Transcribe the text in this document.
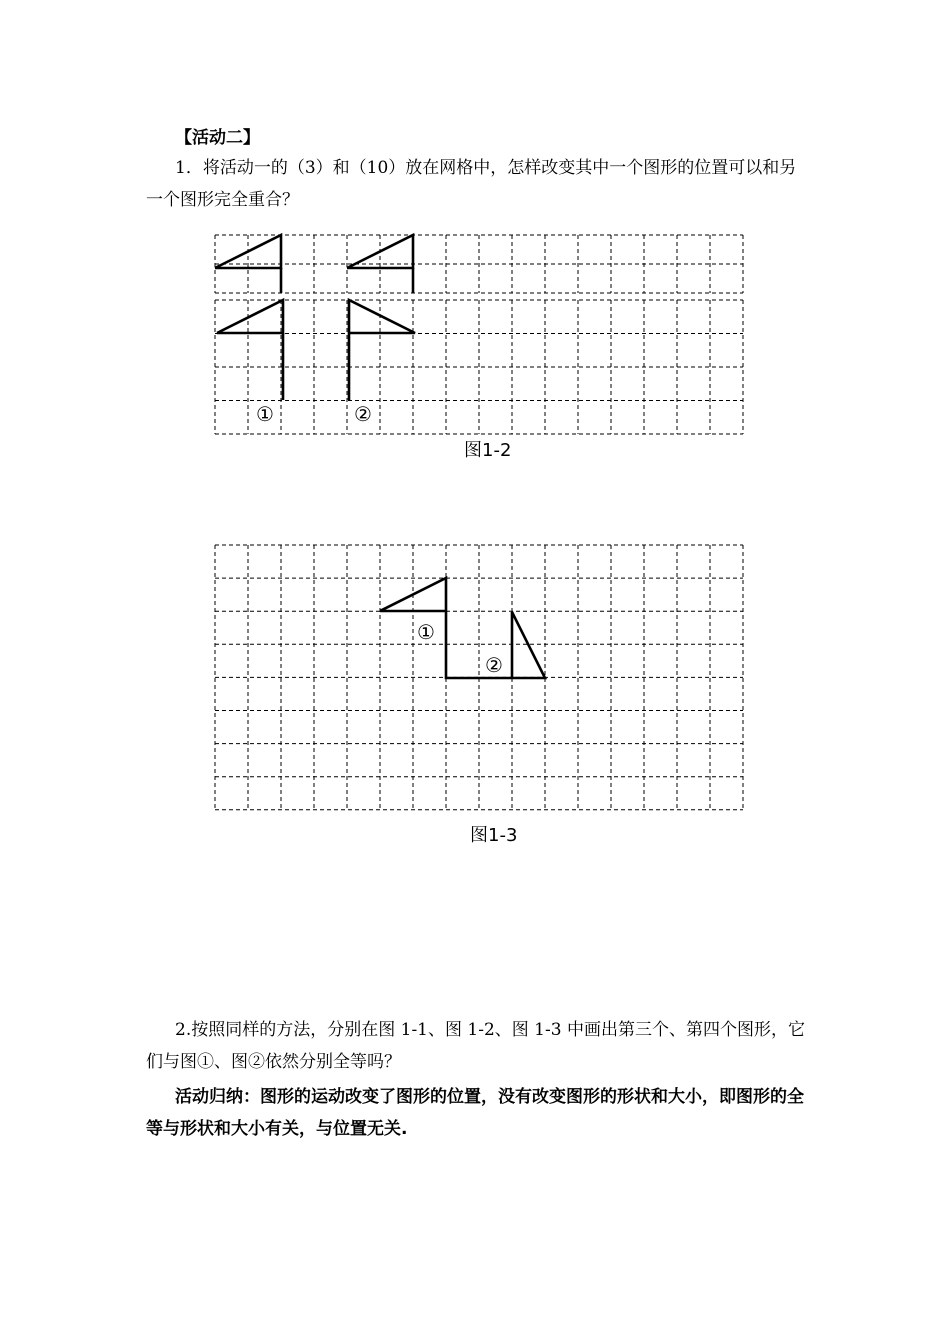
【活动二】

1．将活动一的（3）和（10）放在网格中，怎样改变其中一个图形的位置可以和另一个图形完全重合？

①	②
图1-2
①
②
图1-3

2.按照同样的方法，分别在图 1-1、图 1-2、图 1-3 中画出第三个、第四个图形，它们与图①、图②依然分别全等吗？

活动归纳：图形的运动改变了图形的位置，没有改变图形的形状和大小，即图形的全等与形状和大小有关，与位置无关.
